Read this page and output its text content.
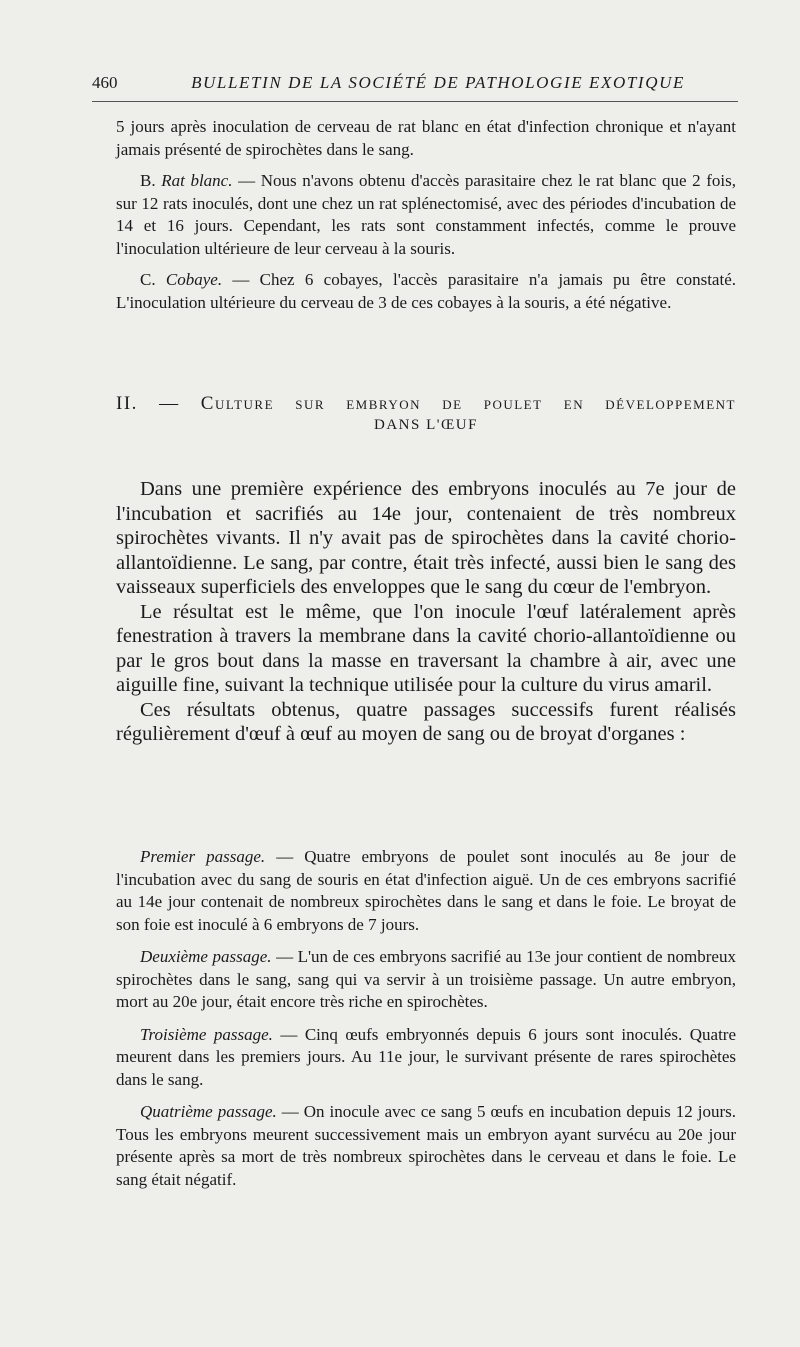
460	BULLETIN DE LA SOCIÉTÉ DE PATHOLOGIE EXOTIQUE

5 jours après inoculation de cerveau de rat blanc en état d'infection chronique et n'ayant jamais présenté de spirochètes dans le sang.

B. Rat blanc. — Nous n'avons obtenu d'accès parasitaire chez le rat blanc que 2 fois, sur 12 rats inoculés, dont une chez un rat splénectomisé, avec des périodes d'incubation de 14 et 16 jours. Cependant, les rats sont constamment infectés, comme le prouve l'inoculation ultérieure de leur cerveau à la souris.

C. Cobaye. — Chez 6 cobayes, l'accès parasitaire n'a jamais pu être constaté. L'inoculation ultérieure du cerveau de 3 de ces cobayes à la souris, a été négative.

II. — Culture sur embryon de poulet en développement
DANS L'ŒUF

Dans une première expérience des embryons inoculés au 7e jour de l'incubation et sacrifiés au 14e jour, contenaient de très nombreux spirochètes vivants. Il n'y avait pas de spirochètes dans la cavité chorio-allantoïdienne. Le sang, par contre, était très infecté, aussi bien le sang des vaisseaux superficiels des enveloppes que le sang du cœur de l'embryon.

Le résultat est le même, que l'on inocule l'œuf latéralement après fenestration à travers la membrane dans la cavité chorio-allantoïdienne ou par le gros bout dans la masse en traversant la chambre à air, avec une aiguille fine, suivant la technique utilisée pour la culture du virus amaril.

Ces résultats obtenus, quatre passages successifs furent réalisés régulièrement d'œuf à œuf au moyen de sang ou de broyat d'organes :

Premier passage. — Quatre embryons de poulet sont inoculés au 8e jour de l'incubation avec du sang de souris en état d'infection aiguë. Un de ces embryons sacrifié au 14e jour contenait de nombreux spirochètes dans le sang et dans le foie. Le broyat de son foie est inoculé à 6 embryons de 7 jours.

Deuxième passage. — L'un de ces embryons sacrifié au 13e jour contient de nombreux spirochètes dans le sang, sang qui va servir à un troisième passage. Un autre embryon, mort au 20e jour, était encore très riche en spirochètes.

Troisième passage. — Cinq œufs embryonnés depuis 6 jours sont inoculés. Quatre meurent dans les premiers jours. Au 11e jour, le survivant présente de rares spirochètes dans le sang.

Quatrième passage. — On inocule avec ce sang 5 œufs en incubation depuis 12 jours. Tous les embryons meurent successivement mais un embryon ayant survécu au 20e jour présente après sa mort de très nombreux spirochètes dans le cerveau et dans le foie. Le sang était négatif.
